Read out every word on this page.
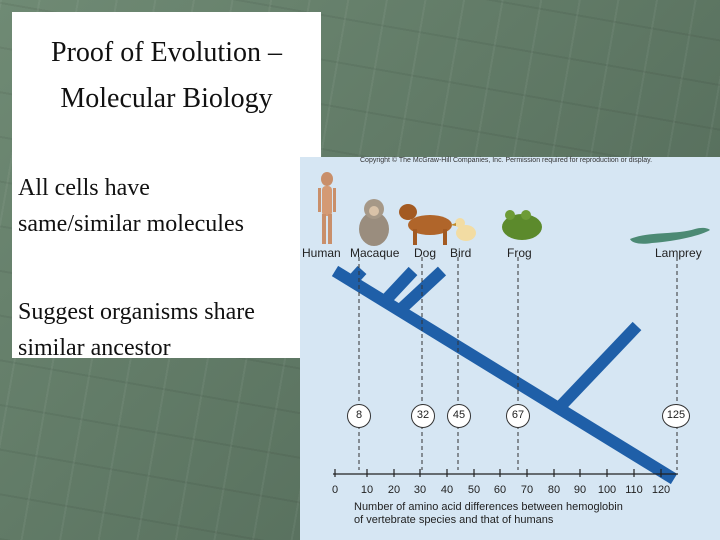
Proof of Evolution –
Molecular Biology
All cells have
same/similar molecules
Suggest organisms share
similar ancestor
Copyright © The McGraw-Hill Companies, Inc. Permission required for reproduction or display.
Human Macaque Dog Bird	Frog	Lamprey
8	32	45	67	125
0 10 20 30 40 50 60 70 80 90 100 110 120
Number of amino acid differences between hemoglobin
of vertebrate species and that of humans
